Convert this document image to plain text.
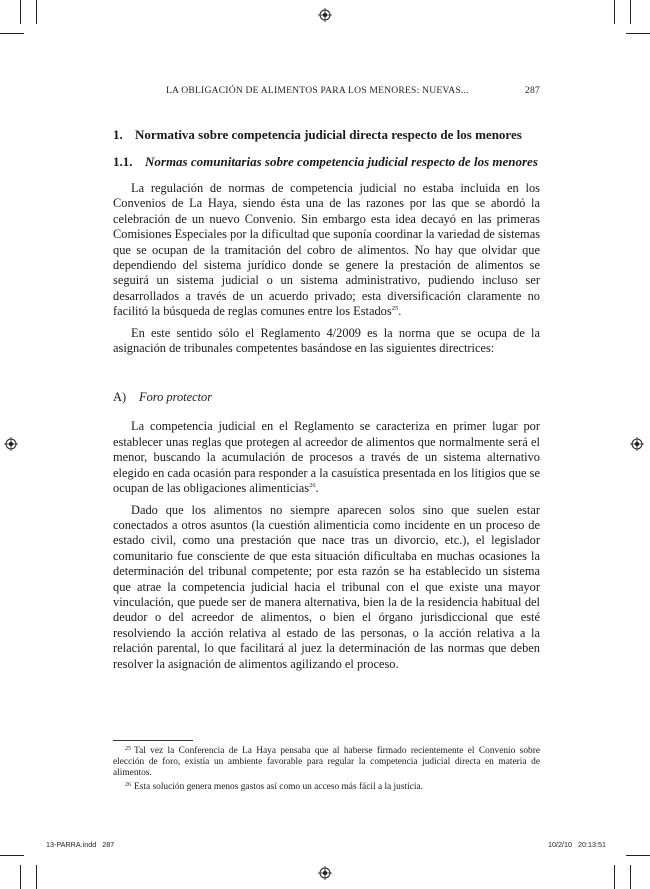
LA OBLIGACIÓN DE ALIMENTOS PARA LOS MENORES: NUEVAS...	287
1. Normativa sobre competencia judicial directa respecto de los menores
1.1. Normas comunitarias sobre competencia judicial respecto de los menores

La regulación de normas de competencia judicial no estaba incluida en los Convenios de La Haya, siendo ésta una de las razones por las que se abordó la celebración de un nuevo Convenio. Sin embargo esta idea decayó en las primeras Comisiones Especiales por la dificultad que suponía coordinar la variedad de sistemas que se ocupan de la tramitación del cobro de alimentos. No hay que olvidar que dependiendo del sistema jurídico donde se genere la prestación de alimentos se seguirá un sistema judicial o un sistema administrativo, pudiendo incluso ser desarrollados a través de un acuerdo privado; esta diversificación claramente no facilitó la búsqueda de reglas comunes entre los Estados$^{25}$.

En este sentido sólo el Reglamento 4/2009 es la norma que se ocupa de la asignación de tribunales competentes basándose en las siguientes directrices:

A)	Foro protector

La competencia judicial en el Reglamento se caracteriza en primer lugar por establecer unas reglas que protegen al acreedor de alimentos que normalmente será el menor, buscando la acumulación de procesos a través de un sistema alternativo elegido en cada ocasión para responder a la casuística presentada en los litigios que se ocupan de las obligaciones alimenticias$^{26}$.

Dado que los alimentos no siempre aparecen solos sino que suelen estar conectados a otros asuntos (la cuestión alimenticia como incidente en un proceso de estado civil, como una prestación que nace tras un divorcio, etc.), el legislador comunitario fue consciente de que esta situación dificultaba en muchas ocasiones la determinación del tribunal competente; por esta razón se ha establecido un sistema que atrae la competencia judicial hacia el tribunal con el que existe una mayor vinculación, que puede ser de manera alternativa, bien la de la residencia habitual del deudor o del acreedor de alimentos, o bien el órgano jurisdiccional que esté resolviendo la acción relativa al estado de las personas, o la acción relativa a la relación parental, lo que facilitará al juez la determinación de las normas que deben resolver la asignación de alimentos agilizando el proceso.

$^{25}$ Tal vez la Conferencia de La Haya pensaba que al haberse firmado recientemente el Convenio sobre elección de foro, existía un ambiente favorable para regular la competencia judicial directa en materia de alimentos.

$^{26}$ Esta solución genera menos gastos así como un acceso más fácil a la justicia.

13-PARRA.indd   287	10/2/10   20:13:51
